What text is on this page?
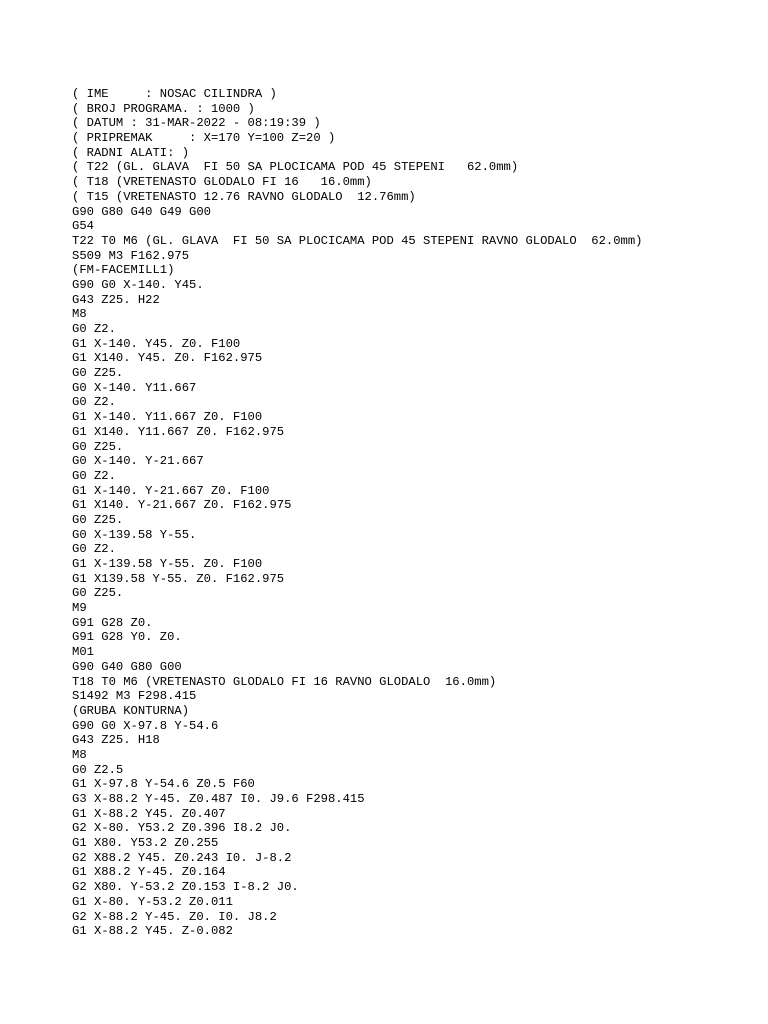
( IME     : NOSAC CILINDRA )
( BROJ PROGRAMA. : 1000 )
( DATUM : 31-MAR-2022 - 08:19:39 )
( PRIPREMAK     : X=170 Y=100 Z=20 )
( RADNI ALATI: )
( T22 (GL. GLAVA  FI 50 SA PLOCICAMA POD 45 STEPENI   62.0mm)
( T18 (VRETENASTO GLODALO FI 16   16.0mm)
( T15 (VRETENASTO 12.76 RAVNO GLODALO  12.76mm)
G90 G80 G40 G49 G00
G54
T22 T0 M6 (GL. GLAVA  FI 50 SA PLOCICAMA POD 45 STEPENI RAVNO GLODALO  62.0mm)
S509 M3 F162.975
(FM-FACEMILL1)
G90 G0 X-140. Y45.
G43 Z25. H22
M8
G0 Z2.
G1 X-140. Y45. Z0. F100
G1 X140. Y45. Z0. F162.975
G0 Z25.
G0 X-140. Y11.667
G0 Z2.
G1 X-140. Y11.667 Z0. F100
G1 X140. Y11.667 Z0. F162.975
G0 Z25.
G0 X-140. Y-21.667
G0 Z2.
G1 X-140. Y-21.667 Z0. F100
G1 X140. Y-21.667 Z0. F162.975
G0 Z25.
G0 X-139.58 Y-55.
G0 Z2.
G1 X-139.58 Y-55. Z0. F100
G1 X139.58 Y-55. Z0. F162.975
G0 Z25.
M9
G91 G28 Z0.
G91 G28 Y0. Z0.
M01
G90 G40 G80 G00
T18 T0 M6 (VRETENASTO GLODALO FI 16 RAVNO GLODALO  16.0mm)
S1492 M3 F298.415
(GRUBA KONTURNA)
G90 G0 X-97.8 Y-54.6
G43 Z25. H18
M8
G0 Z2.5
G1 X-97.8 Y-54.6 Z0.5 F60
G3 X-88.2 Y-45. Z0.487 I0. J9.6 F298.415
G1 X-88.2 Y45. Z0.407
G2 X-80. Y53.2 Z0.396 I8.2 J0.
G1 X80. Y53.2 Z0.255
G2 X88.2 Y45. Z0.243 I0. J-8.2
G1 X88.2 Y-45. Z0.164
G2 X80. Y-53.2 Z0.153 I-8.2 J0.
G1 X-80. Y-53.2 Z0.011
G2 X-88.2 Y-45. Z0. I0. J8.2
G1 X-88.2 Y45. Z-0.082
